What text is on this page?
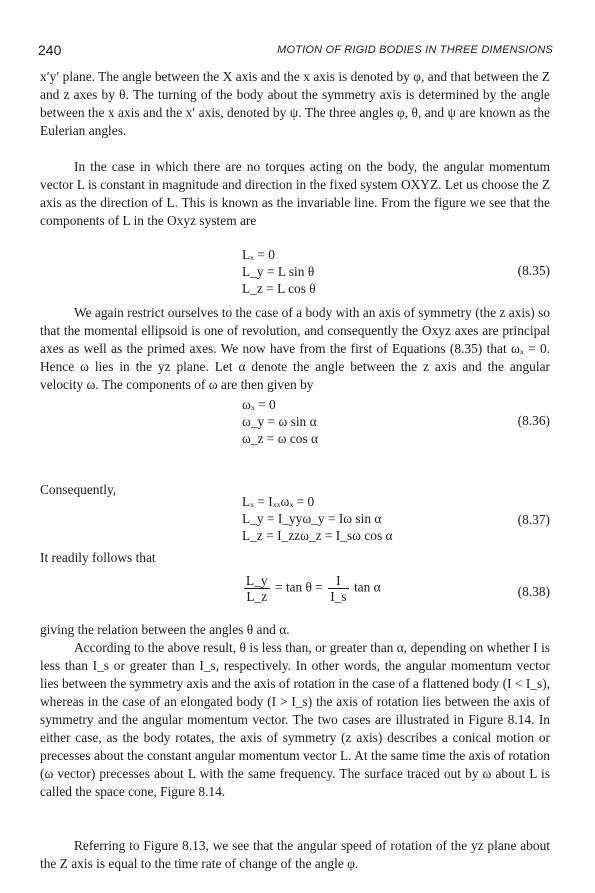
240	MOTION OF RIGID BODIES IN THREE DIMENSIONS

x′y′ plane. The angle between the X axis and the x axis is denoted by φ, and that between the Z and z axes by θ. The turning of the body about the symmetry axis is determined by the angle between the x axis and the x′ axis, denoted by ψ. The three angles φ, θ, and ψ are known as the Eulerian angles.

In the case in which there are no torques acting on the body, the angular momentum vector L is constant in magnitude and direction in the fixed system OXYZ. Let us choose the Z axis as the direction of L. This is known as the invariable line. From the figure we see that the components of L in the Oxyz system are

Lₓ = 0
L_y = L sin θ
L_z = L cos θ
(8.35)

We again restrict ourselves to the case of a body with an axis of symmetry (the z axis) so that the momental ellipsoid is one of revolution, and consequently the Oxyz axes are principal axes as well as the primed axes. We now have from the first of Equations (8.35) that ωₓ = 0. Hence ω lies in the yz plane. Let α denote the angle between the z axis and the angular velocity ω. The components of ω are then given by

ωₓ = 0
ω_y = ω sin α
ω_z = ω cos α
(8.36)
Consequently,
Lₓ = Iₓₓωₓ = 0
L_y = I_yyω_y = Iω sin α
L_z = I_zzω_z = I_sω cos α
(8.37)
It readily follows that
$\frac{L\_y}{L\_z} = \tan \theta = \frac{I}{I\_s}$ tan α	(8.38)

giving the relation between the angles θ and α.

According to the above result, θ is less than, or greater than α, depending on whether I is less than I_s or greater than I_s, respectively. In other words, the angular momentum vector lies between the symmetry axis and the axis of rotation in the case of a flattened body (I < I_s), whereas in the case of an elongated body (I > I_s) the axis of rotation lies between the axis of symmetry and the angular momentum vector. The two cases are illustrated in Figure 8.14. In either case, as the body rotates, the axis of symmetry (z axis) describes a conical motion or precesses about the constant angular momentum vector L. At the same time the axis of rotation (ω vector) precesses about L with the same frequency. The surface traced out by ω about L is called the space cone, Figure 8.14.

Referring to Figure 8.13, we see that the angular speed of rotation of the yz plane about the Z axis is equal to the time rate of change of the angle φ.
